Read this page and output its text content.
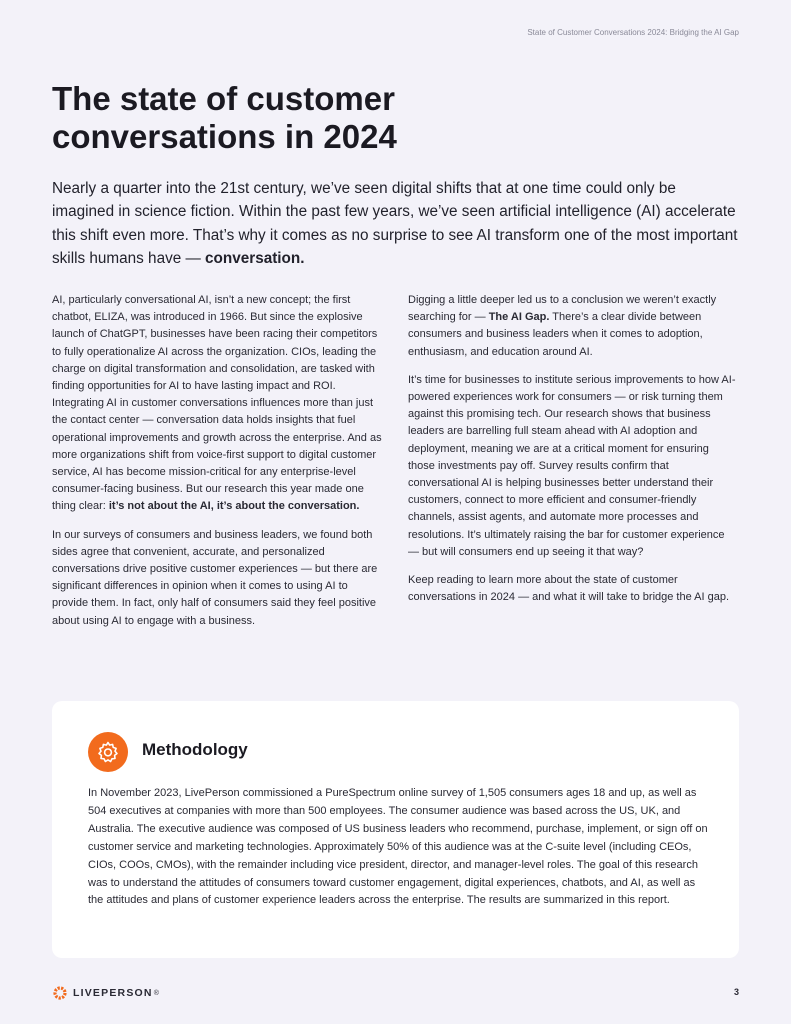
State of Customer Conversations 2024: Bridging the AI Gap
The state of customer conversations in 2024

Nearly a quarter into the 21st century, we’ve seen digital shifts that at one time could only be imagined in science fiction. Within the past few years, we’ve seen artificial intelligence (AI) accelerate this shift even more. That’s why it comes as no surprise to see AI transform one of the most important skills humans have — conversation.

AI, particularly conversational AI, isn’t a new concept; the first chatbot, ELIZA, was introduced in 1966. But since the explosive launch of ChatGPT, businesses have been racing their competitors to fully operationalize AI across the organization. CIOs, leading the charge on digital transformation and consolidation, are tasked with finding opportunities for AI to have lasting impact and ROI. Integrating AI in customer conversations influences more than just the contact center — conversation data holds insights that fuel operational improvements and growth across the enterprise. And as more organizations shift from voice-first support to digital customer service, AI has become mission-critical for any enterprise-level consumer-facing business. But our research this year made one thing clear: it’s not about the AI, it’s about the conversation.

In our surveys of consumers and business leaders, we found both sides agree that convenient, accurate, and personalized conversations drive positive customer experiences — but there are significant differences in opinion when it comes to using AI to provide them. In fact, only half of consumers said they feel positive about using AI to engage with a business.

Digging a little deeper led us to a conclusion we weren’t exactly searching for — The AI Gap. There’s a clear divide between consumers and business leaders when it comes to adoption, enthusiasm, and education around AI.

It’s time for businesses to institute serious improvements to how AI-powered experiences work for consumers — or risk turning them against this promising tech. Our research shows that business leaders are barrelling full steam ahead with AI adoption and deployment, meaning we are at a critical moment for ensuring those investments pay off. Survey results confirm that conversational AI is helping businesses better understand their customers, connect to more efficient and consumer-friendly channels, assist agents, and automate more processes and resolutions. It’s ultimately raising the bar for customer experience — but will consumers end up seeing it that way?

Keep reading to learn more about the state of customer conversations in 2024 — and what it will take to bridge the AI gap.

Methodology

In November 2023, LivePerson commissioned a PureSpectrum online survey of 1,505 consumers ages 18 and up, as well as 504 executives at companies with more than 500 employees. The consumer audience was based across the US, UK, and Australia. The executive audience was composed of US business leaders who recommend, purchase, implement, or sign off on customer service and marketing technologies. Approximately 50% of this audience was at the C-suite level (including CEOs, CIOs, COOs, CMOs), with the remainder including vice president, director, and manager-level roles. The goal of this research was to understand the attitudes of consumers toward customer engagement, digital experiences, chatbots, and AI, as well as the attitudes and plans of customer experience leaders across the enterprise. The results are summarized in this report.

LIVEPERSON ®	3
